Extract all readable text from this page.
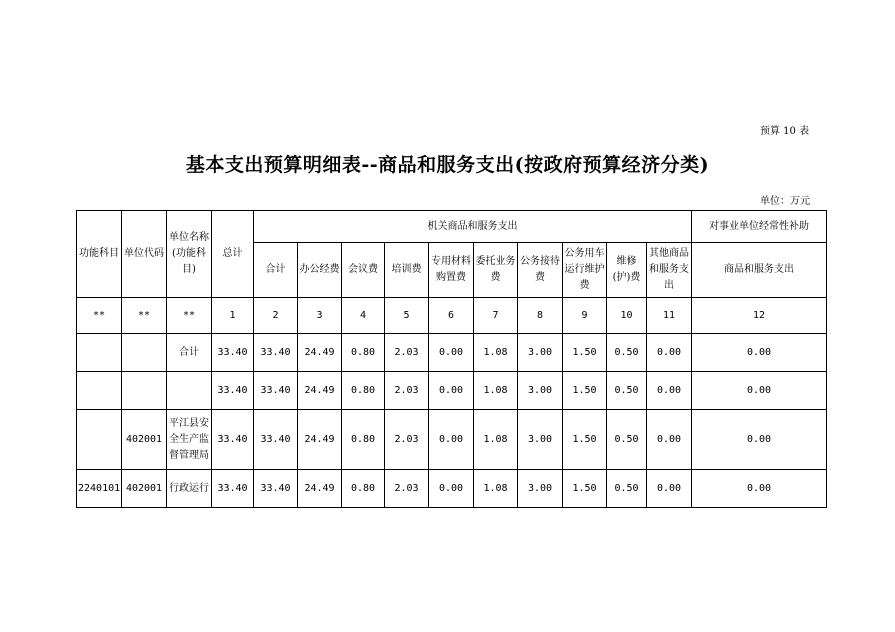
预算 10 表
基本支出预算明细表--商品和服务支出(按政府预算经济分类)
单位：万元
功能科目	单位代码	单位名称(功能科目)	总计	机关商品和服务支出										对事业单位经常性补助
				合计	办公经费	会议费	培训费	专用材料购置费	委托业务费	公务接待费	公务用车运行维护费	维修(护)费	其他商品和服务支出	商品和服务支出
**	**	**	1	2	3	4	5	6	7	8	9	10	11	12
		合计	33.40	33.40	24.49	0.80	2.03	0.00	1.08	3.00	1.50	0.50	0.00	0.00
			33.40	33.40	24.49	0.80	2.03	0.00	1.08	3.00	1.50	0.50	0.00	0.00
	402001	平江县安全生产监督管理局	33.40	33.40	24.49	0.80	2.03	0.00	1.08	3.00	1.50	0.50	0.00	0.00
2240101	402001	行政运行	33.40	33.40	24.49	0.80	2.03	0.00	1.08	3.00	1.50	0.50	0.00	0.00
